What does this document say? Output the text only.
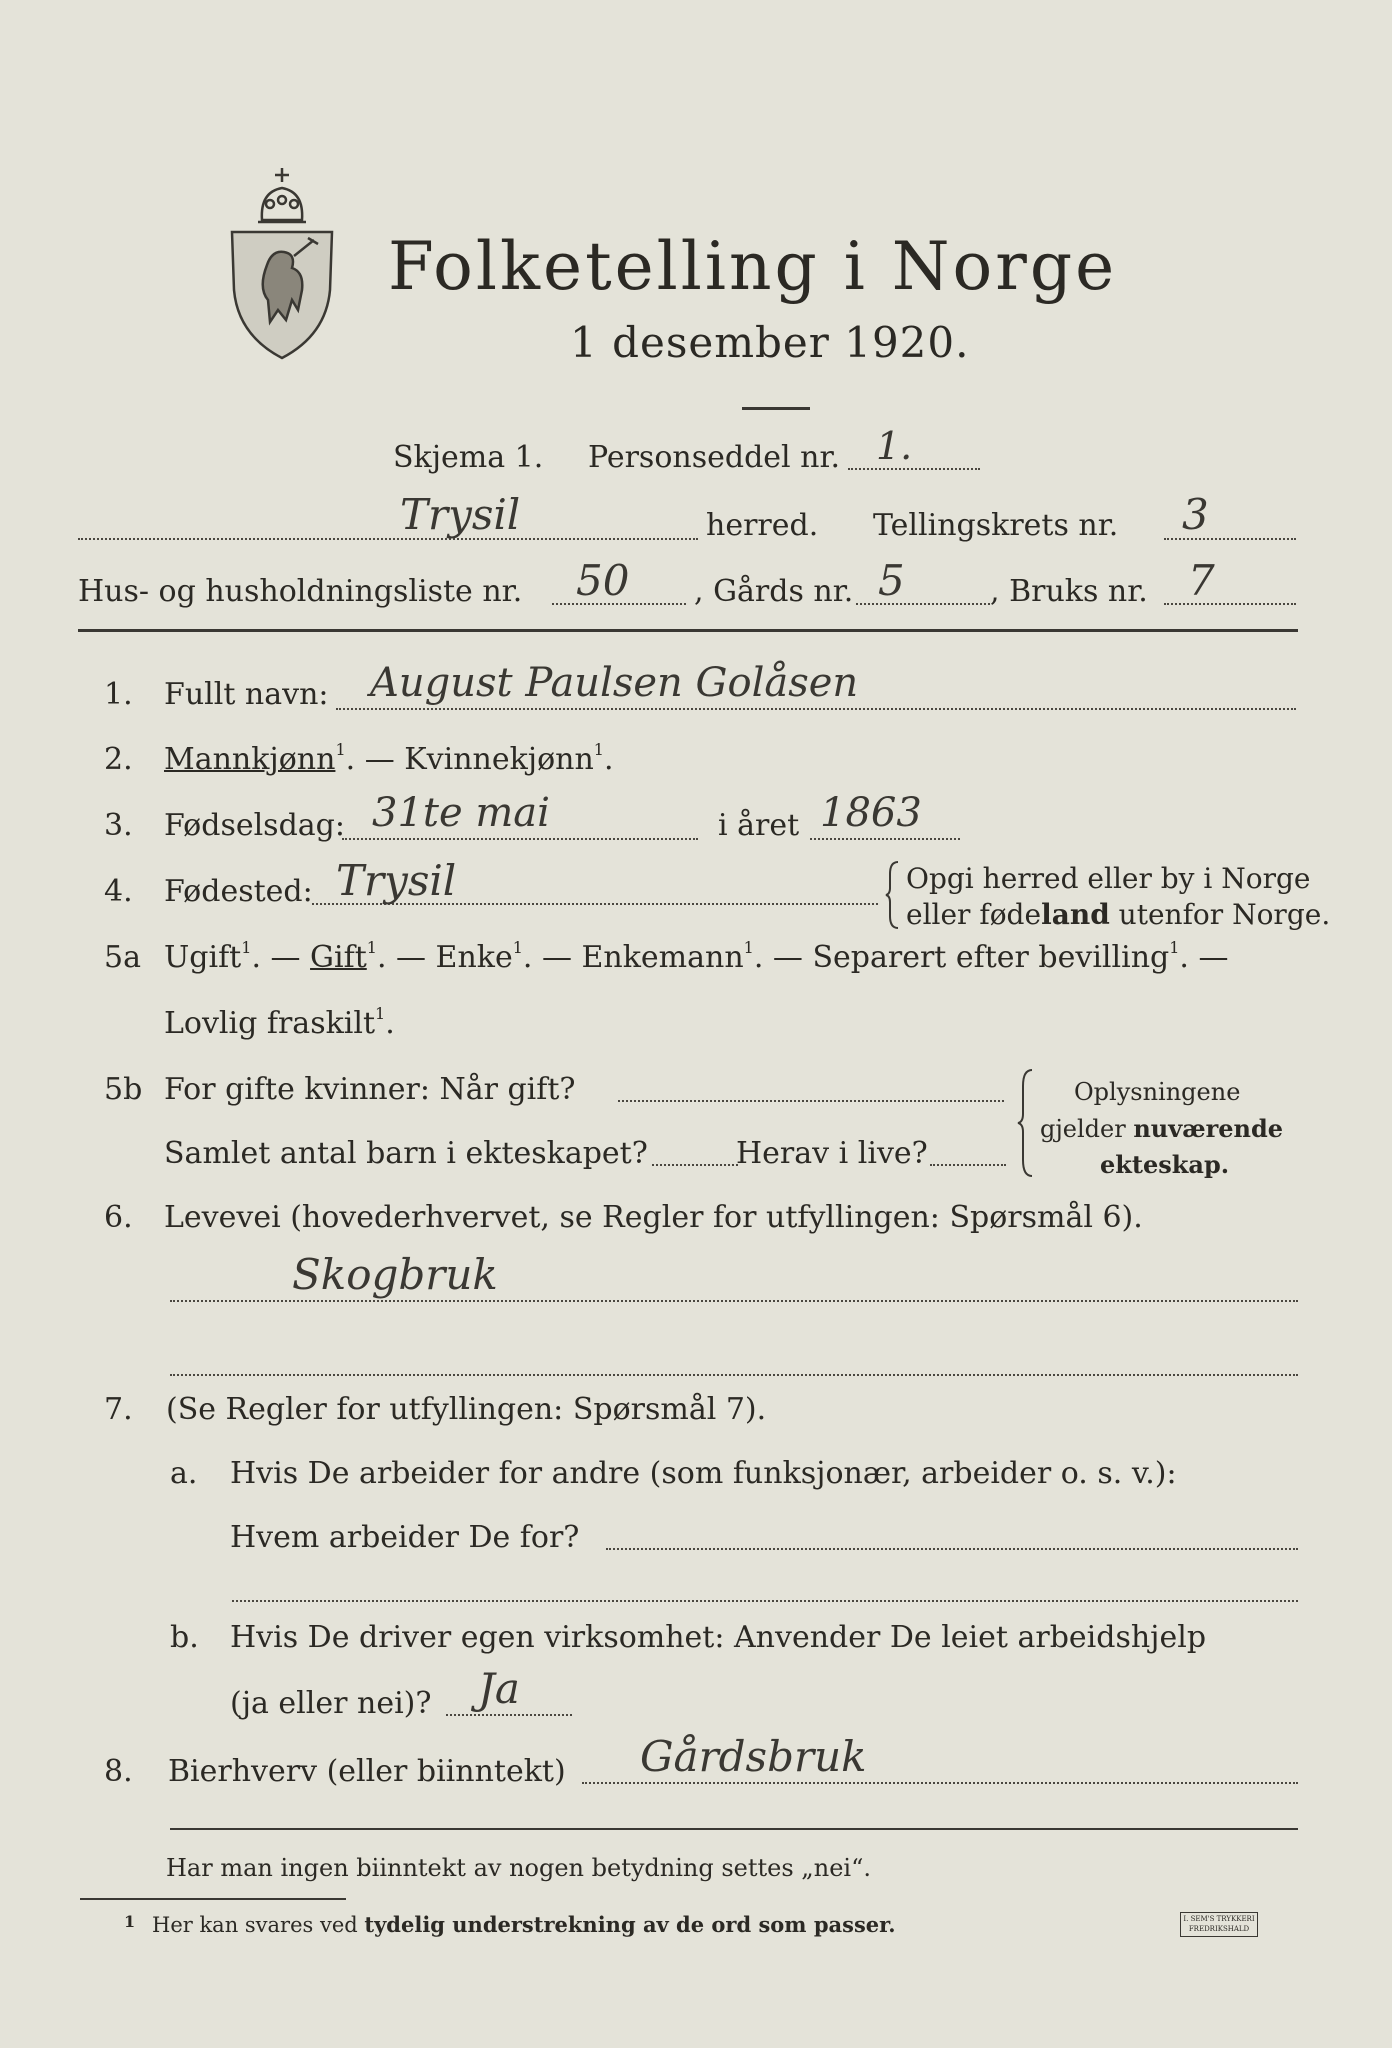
Folketelling i Norge
1 desember 1920.
Skjema 1. Personseddel nr. 1.
Trysil	herred. Tellingskrets nr. 3
Hus- og husholdningsliste nr. 50 , Gårds nr. 5	, Bruks nr. 7
1. Fullt navn: August Paulsen Golåsen
2. Mannkjønn$^1$. — Kvinnekjønn$^1$.
3. Fødselsdag: 31te mai	i året 1863
4. Fødested: Trysil	Opgi herred eller by i Norge
eller fødeland utenfor Norge.
5a Ugift$^1$. — Gift$^1$. — Enke$^1$. — Enkemann$^1$. — Separert efter bevilling$^1$. —
Lovlig fraskilt$^1$.
5b For gifte kvinner: Når gift?
Samlet antal barn i ekteskapet?	Herav i live?
Oplysningene
gjelder nuværende
ekteskap.
6. Levevei (hovederhvervet, se Regler for utfyllingen: Spørsmål 6).
Skogbruk
7. (Se Regler for utfyllingen: Spørsmål 7).
a. Hvis De arbeider for andre (som funksjonær, arbeider o. s. v.):
Hvem arbeider De for?
b. Hvis De driver egen virksomhet: Anvender De leiet arbeidshjelp
(ja eller nei)? Ja
8. Bierhverv (eller biinntekt) Gårdsbruk
Har man ingen biinntekt av nogen betydning settes „nei“.
1 Her kan svares ved tydelig understrekning av de ord som passer.	I. SEM'S TRYKKERI
FREDRIKSHALD
